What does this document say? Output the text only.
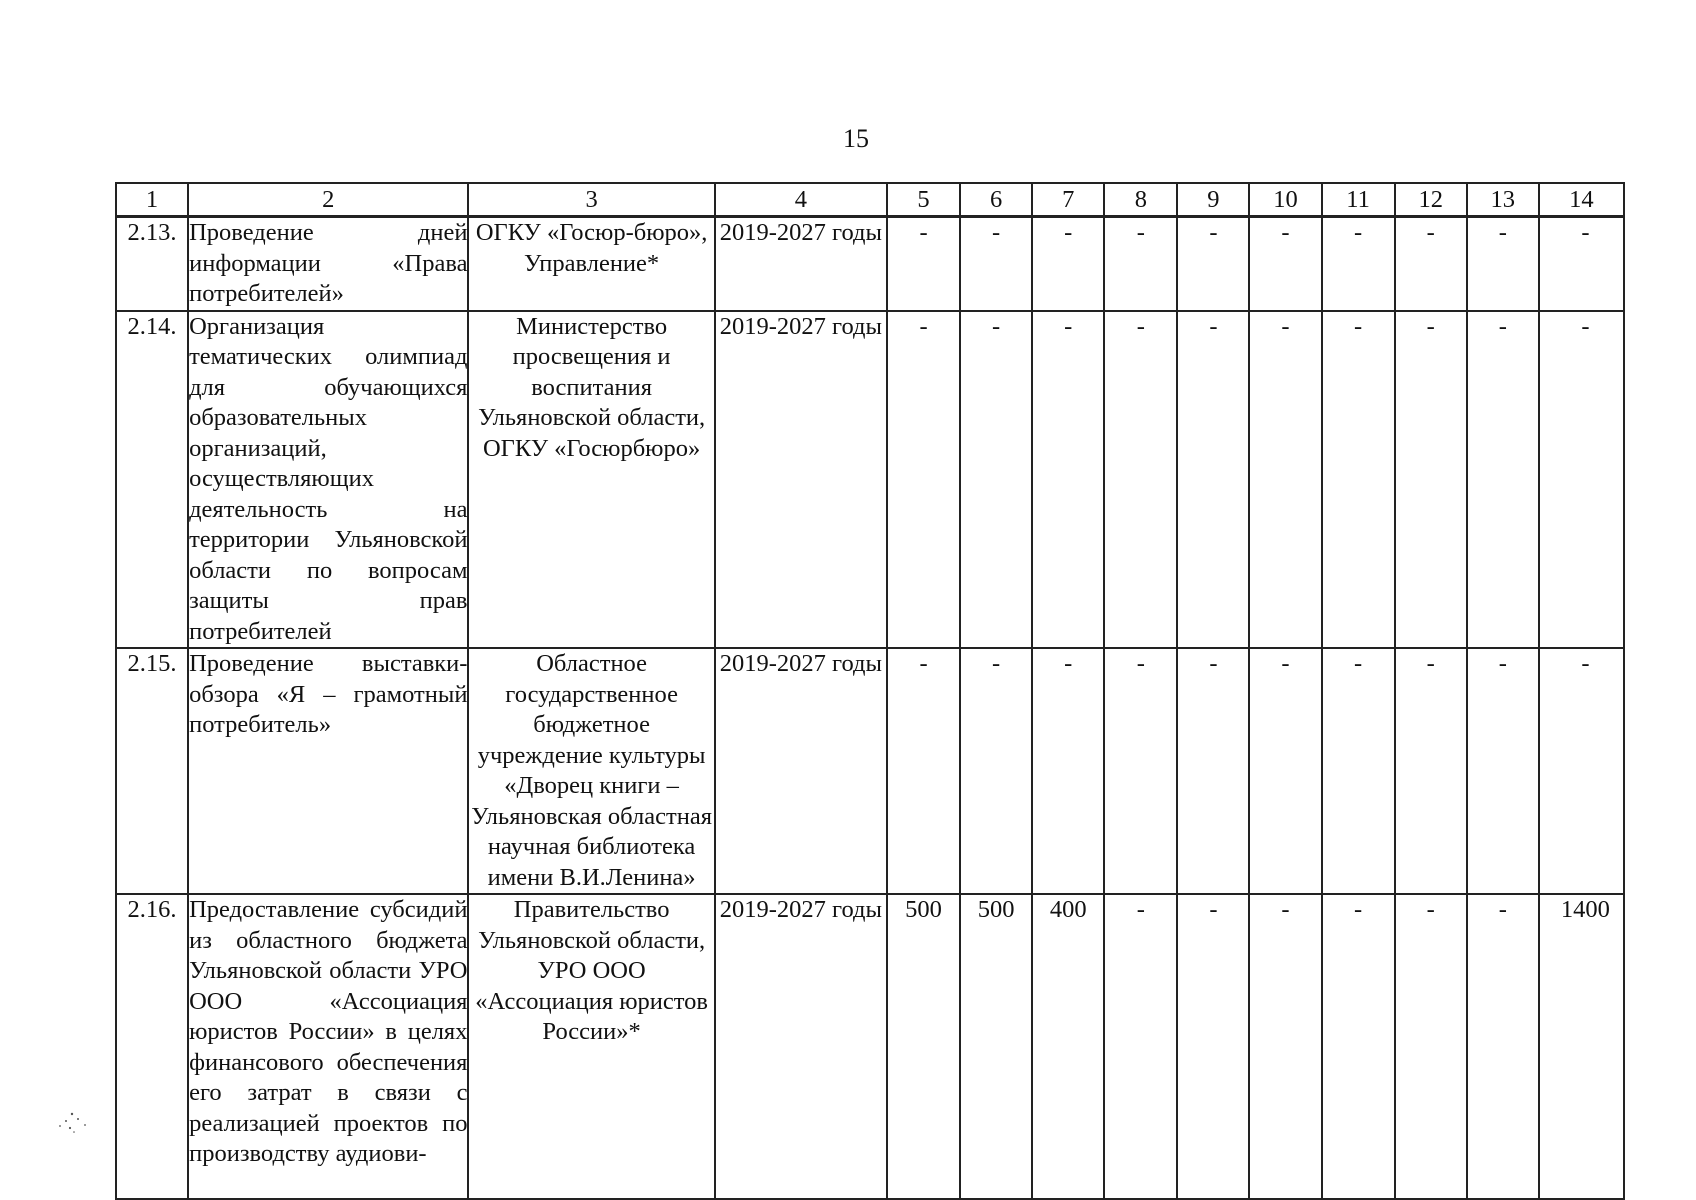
15
1	2	3	4	5	6	7	8	9	10	11	12	13	14
2.13.	Проведение дней информации «Права потребителей»	ОГКУ «Госюр-бюро», Управление*	2019-2027 годы	-	-	-	-	-	-	-	-	-	-
2.14.	Организация тематических олимпиад для обучающихся образовательных организаций, осуществляющих деятельность на территории Ульяновской области по вопросам защиты прав потребителей	Министерство просвещения и воспитания Ульяновской области, ОГКУ «Госюрбюро»	2019-2027 годы	-	-	-	-	-	-	-	-	-	-
2.15.	Проведение выставки-обзора «Я – грамотный потребитель»	Областное государственное бюджетное учреждение культуры «Дворец книги – Ульяновская областная научная библиотека имени В.И.Ленина»	2019-2027 годы	-	-	-	-	-	-	-	-	-	-
2.16.	Предоставление субсидий из областного бюджета Ульяновской области УРО ООО «Ассоциация юристов России» в целях финансового обеспечения его затрат в связи с реализацией проектов по производству аудиови-	Правительство Ульяновской области, УРО ООО «Ассоциация юристов России»*	2019-2027 годы	500	500	400	-	-	-	-	-	-	1400
